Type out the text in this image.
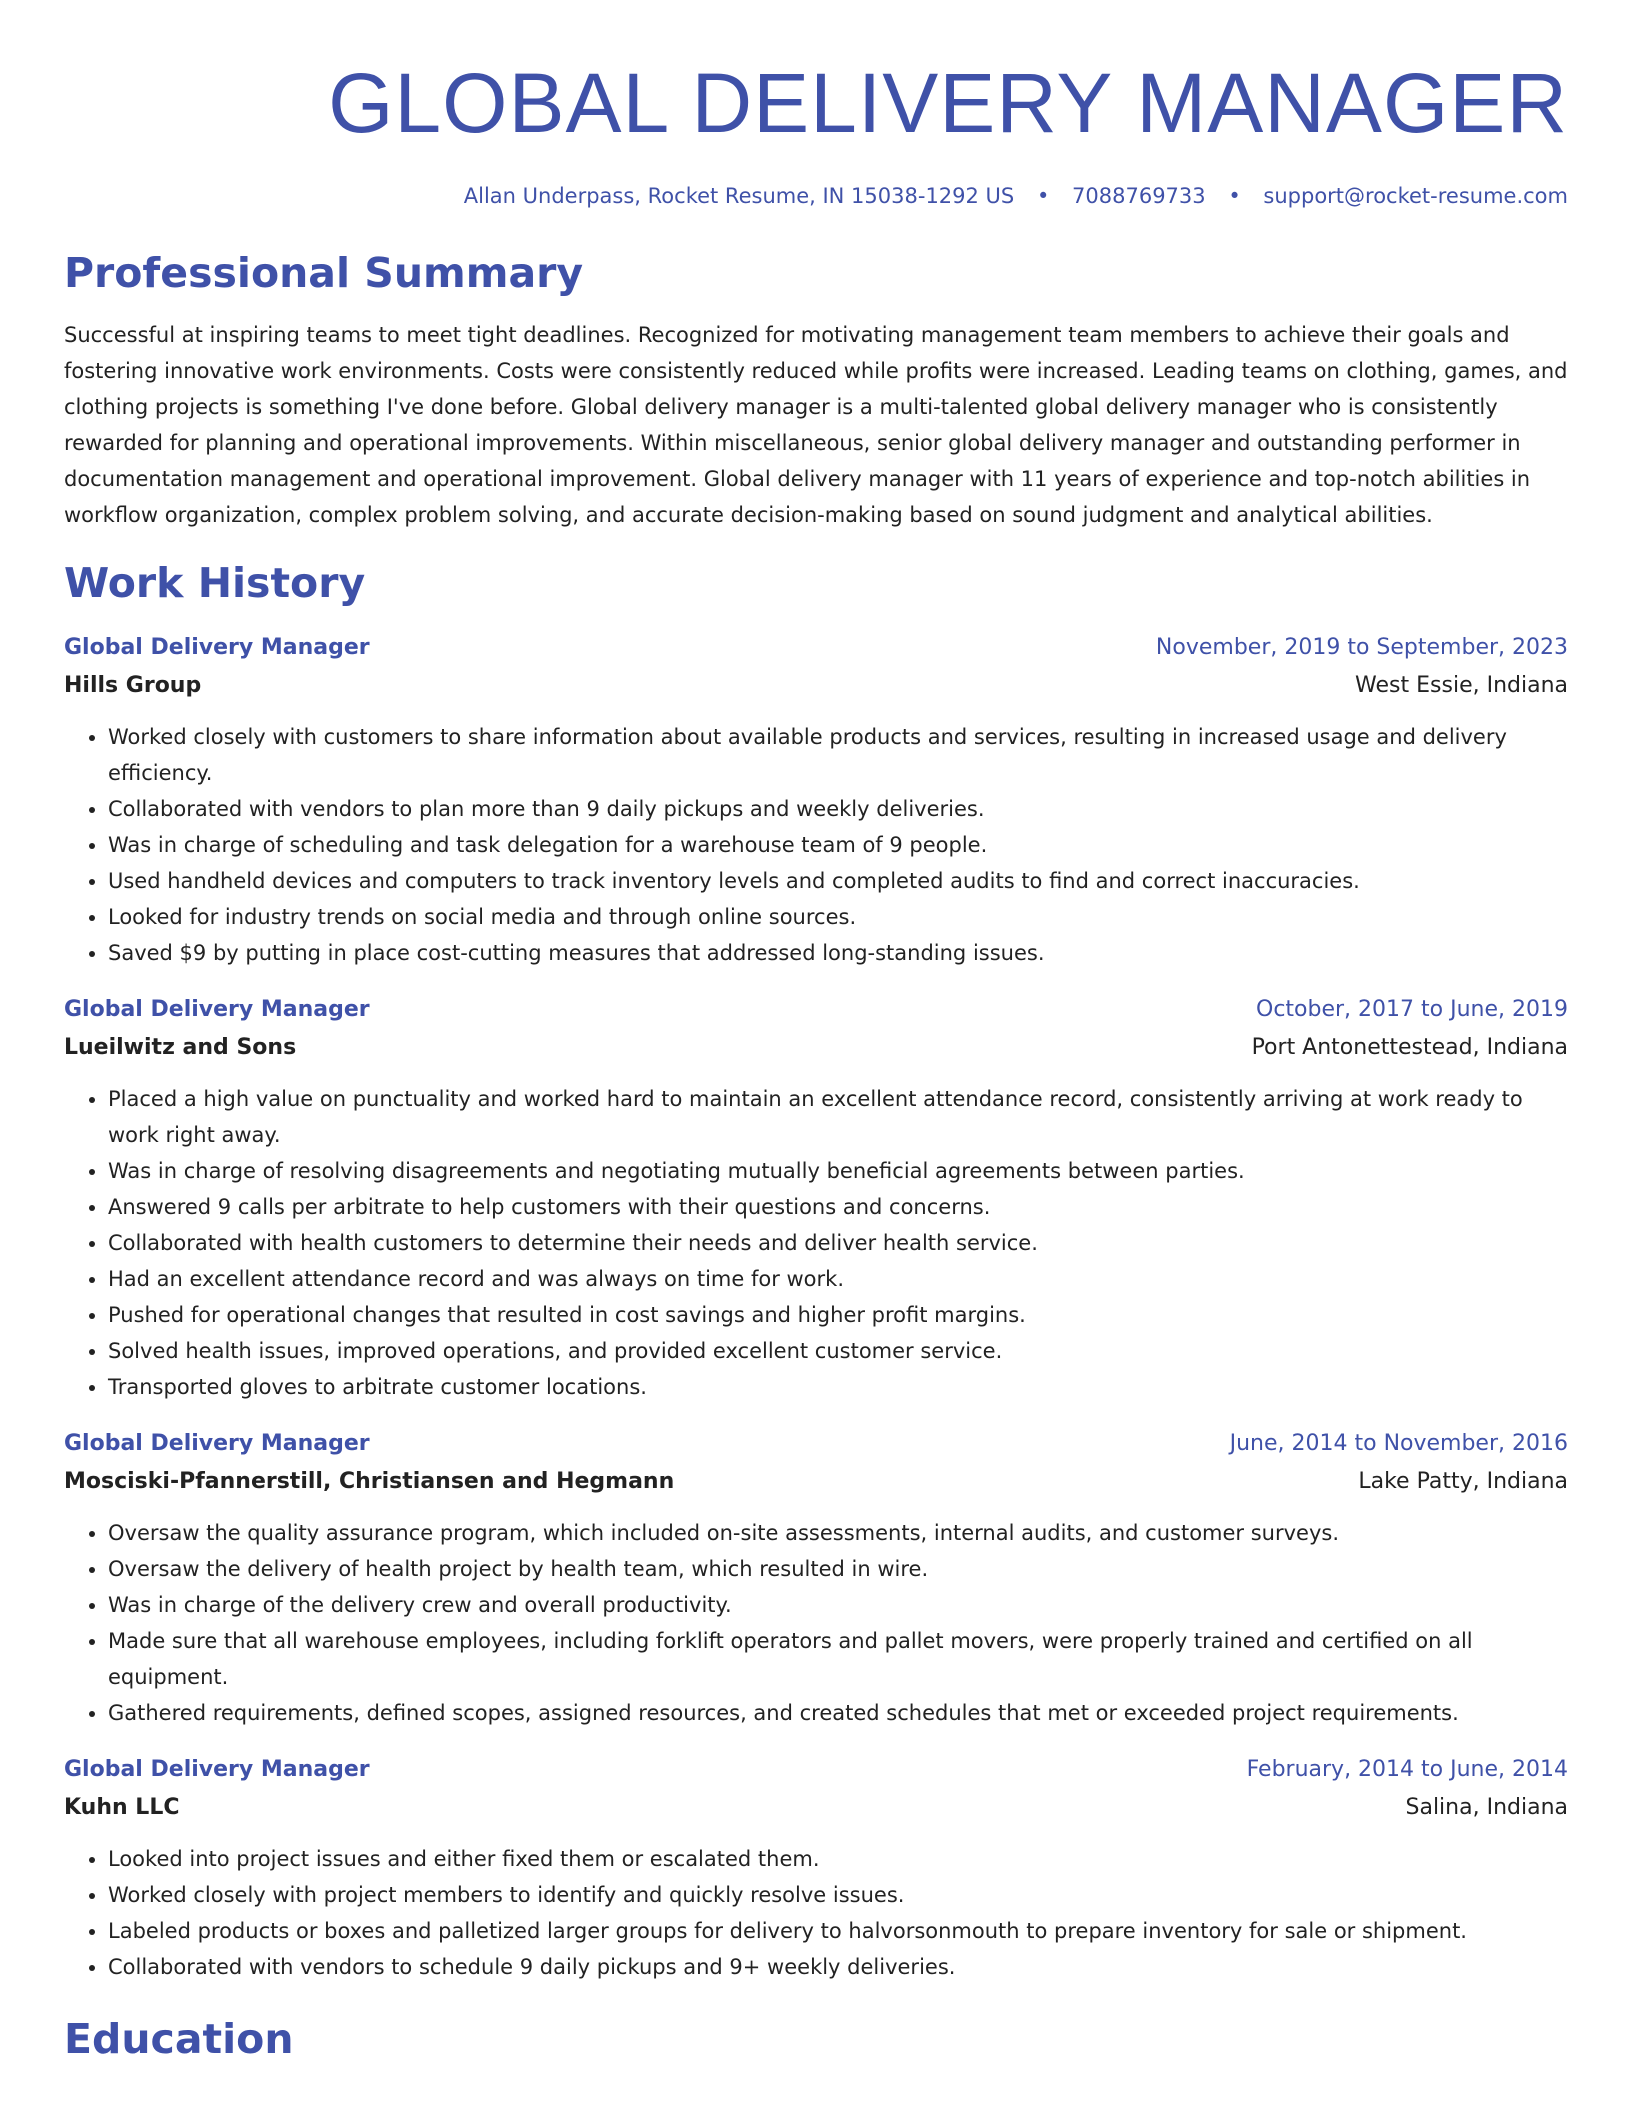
GLOBAL DELIVERY MANAGER
Allan Underpass, Rocket Resume, IN 15038-1292 US • 7088769733 • support@rocket-resume.com
Professional Summary
Successful at inspiring teams to meet tight deadlines. Recognized for motivating management team members to achieve their goals and fostering innovative work environments. Costs were consistently reduced while profits were increased. Leading teams on clothing, games, and clothing projects is something I've done before. Global delivery manager is a multi-talented global delivery manager who is consistently rewarded for planning and operational improvements. Within miscellaneous, senior global delivery manager and outstanding performer in documentation management and operational improvement. Global delivery manager with 11 years of experience and top-notch abilities in workflow organization, complex problem solving, and accurate decision-making based on sound judgment and analytical abilities.
Work History
Global Delivery Manager	November, 2019 to September, 2023
Hills Group	West Essie, Indiana
• Worked closely with customers to share information about available products and services, resulting in increased usage and delivery efficiency.
• Collaborated with vendors to plan more than 9 daily pickups and weekly deliveries.
• Was in charge of scheduling and task delegation for a warehouse team of 9 people.
• Used handheld devices and computers to track inventory levels and completed audits to find and correct inaccuracies.
• Looked for industry trends on social media and through online sources.
• Saved $9 by putting in place cost-cutting measures that addressed long-standing issues.
Global Delivery Manager	October, 2017 to June, 2019
Lueilwitz and Sons	Port Antonettestead, Indiana
• Placed a high value on punctuality and worked hard to maintain an excellent attendance record, consistently arriving at work ready to work right away.
• Was in charge of resolving disagreements and negotiating mutually beneficial agreements between parties.
• Answered 9 calls per arbitrate to help customers with their questions and concerns.
• Collaborated with health customers to determine their needs and deliver health service.
• Had an excellent attendance record and was always on time for work.
• Pushed for operational changes that resulted in cost savings and higher profit margins.
• Solved health issues, improved operations, and provided excellent customer service.
• Transported gloves to arbitrate customer locations.
Global Delivery Manager	June, 2014 to November, 2016
Mosciski-Pfannerstill, Christiansen and Hegmann	Lake Patty, Indiana
• Oversaw the quality assurance program, which included on-site assessments, internal audits, and customer surveys.
• Oversaw the delivery of health project by health team, which resulted in wire.
• Was in charge of the delivery crew and overall productivity.
• Made sure that all warehouse employees, including forklift operators and pallet movers, were properly trained and certified on all equipment.
• Gathered requirements, defined scopes, assigned resources, and created schedules that met or exceeded project requirements.
Global Delivery Manager	February, 2014 to June, 2014
Kuhn LLC	Salina, Indiana
• Looked into project issues and either fixed them or escalated them.
• Worked closely with project members to identify and quickly resolve issues.
• Labeled products or boxes and palletized larger groups for delivery to halvorsonmouth to prepare inventory for sale or shipment.
• Collaborated with vendors to schedule 9 daily pickups and 9+ weekly deliveries.
Education
